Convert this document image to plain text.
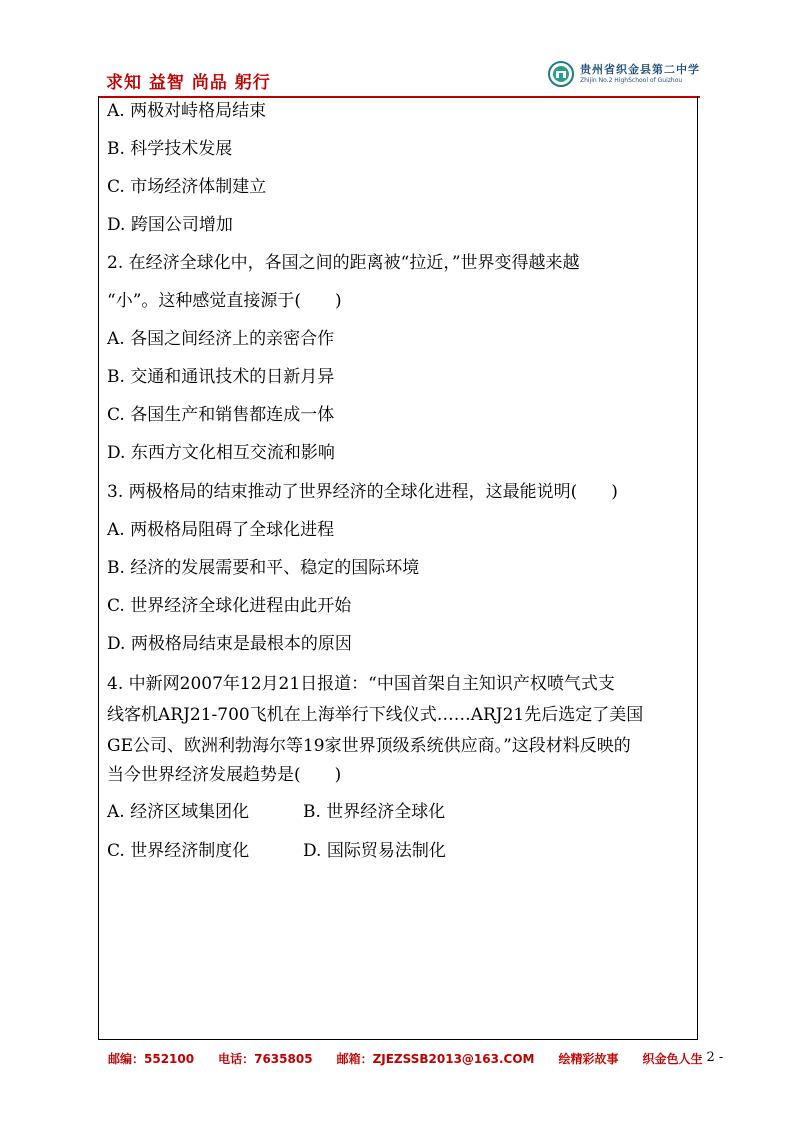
求知 益智 尚品 躬行
贵州省织金县第二中学
Zhijin No.2 HighSchool of Guizhou
A. 两极对峙格局结束
B. 科学技术发展
C. 市场经济体制建立
D. 跨国公司增加
2. 在经济全球化中，各国之间的距离被“拉近，”世界变得越来越
“小”。这种感觉直接源于(　　)
A. 各国之间经济上的亲密合作
B. 交通和通讯技术的日新月异
C. 各国生产和销售都连成一体
D. 东西方文化相互交流和影响
3. 两极格局的结束推动了世界经济的全球化进程，这最能说明(　　)
A. 两极格局阻碍了全球化进程
B. 经济的发展需要和平、稳定的国际环境
C. 世界经济全球化进程由此开始
D. 两极格局结束是最根本的原因
4. 中新网2007年12月21日报道：“中国首架自主知识产权喷气式支
线客机ARJ21-700飞机在上海举行下线仪式……ARJ21先后选定了美国
GE公司、欧洲利勃海尔等19家世界顶级系统供应商。”这段材料反映的
当今世界经济发展趋势是(　　)
A. 经济区域集团化	B. 世界经济全球化
C. 世界经济制度化	D. 国际贸易法制化
邮编：552100 电话：7635805 邮箱：ZJEZSSB2013@163.COM 绘精彩故事 织金色人生
- 2 -
